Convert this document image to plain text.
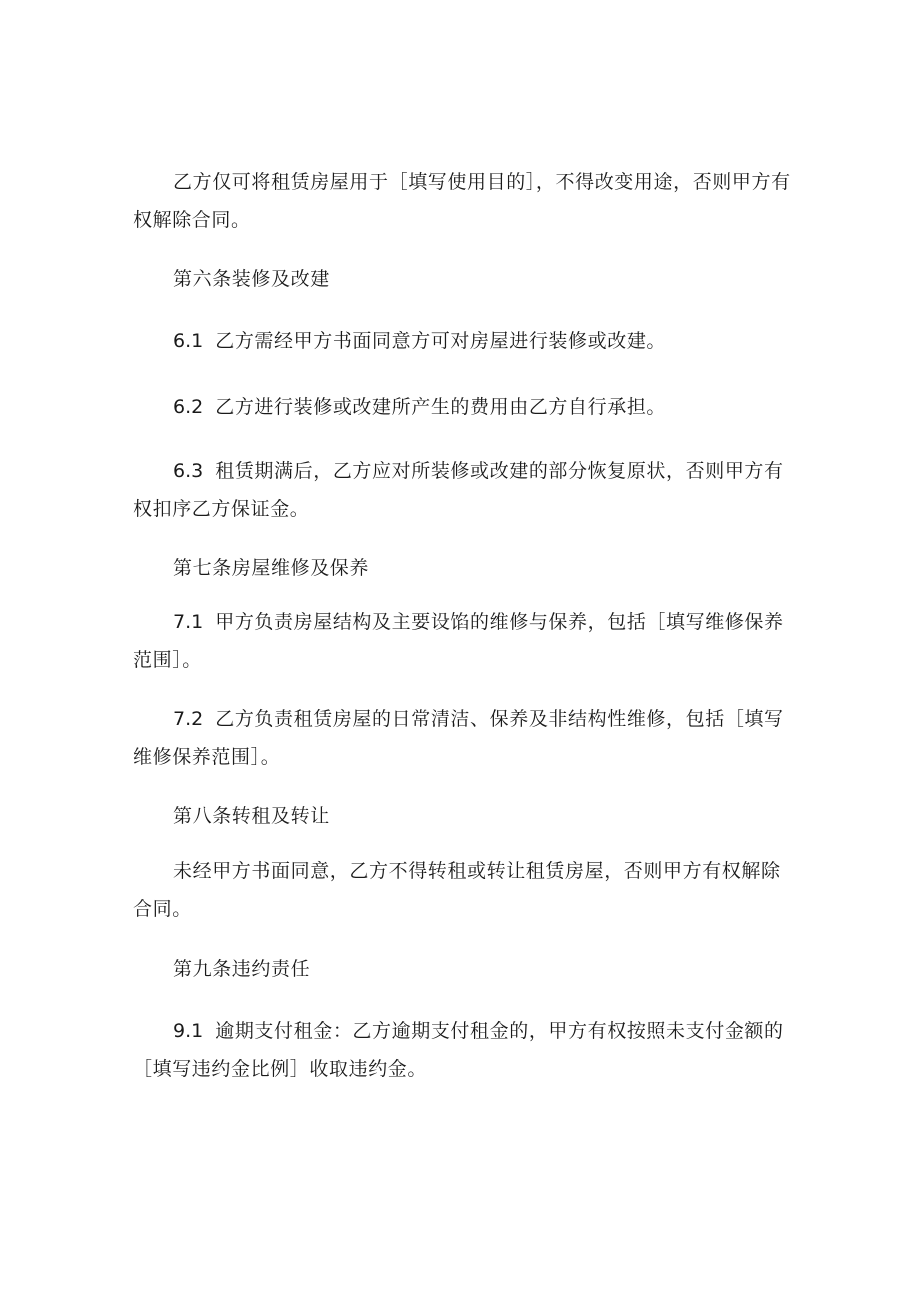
乙方仅可将租赁房屋用于［填写使用目的］，不得改变用途，否则甲方有权解除合同。

第六条装修及改建

6.1 乙方需经甲方书面同意方可对房屋进行装修或改建。

6.2 乙方进行装修或改建所产生的费用由乙方自行承担。

6.3 租赁期满后，乙方应对所装修或改建的部分恢复原状，否则甲方有权扣序乙方保证金。

第七条房屋维修及保养

7.1 甲方负责房屋结构及主要设馅的维修与保养，包括［填写维修保养范围］。

7.2 乙方负责租赁房屋的日常清洁、保养及非结构性维修，包括［填写维修保养范围］。

第八条转租及转让

未经甲方书面同意，乙方不得转租或转让租赁房屋，否则甲方有权解除合同。

第九条违约责任

9.1 逾期支付租金：乙方逾期支付租金的，甲方有权按照未支付金额的［填写违约金比例］收取违约金。
